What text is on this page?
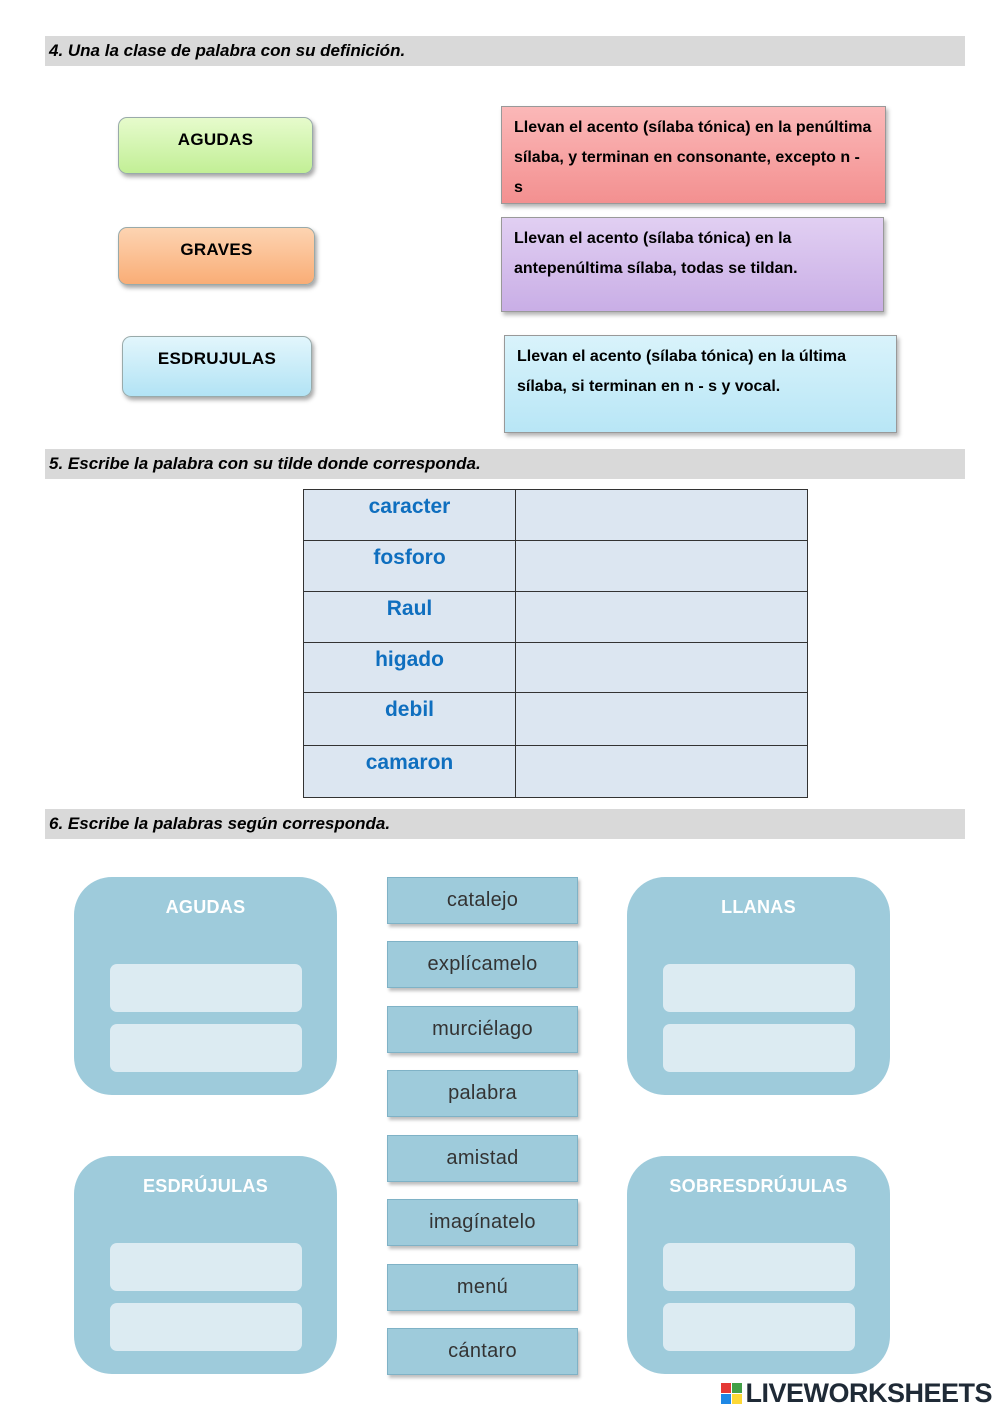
4. Una la clase de palabra con su definición.
AGUDAS
GRAVES
ESDRUJULAS
Llevan el acento (sílaba tónica) en la penúltima sílaba, y terminan en consonante, excepto n - s
Llevan el acento (sílaba tónica) en la antepenúltima sílaba, todas se tildan.
Llevan el acento (sílaba tónica) en la última sílaba, si terminan en n - s y vocal.
5. Escribe la palabra con su tilde donde corresponda.
caracter	
fosforo	
Raul	
higado	
debil	
camaron	
6. Escribe la palabras según corresponda.
AGUDAS	LLANAS
ESDRÚJULAS	SOBRESDRÚJULAS
catalejo
explícamelo
murciélago
palabra
amistad
imagínatelo
menú
cántaro
LIVEWORKSHEETS
